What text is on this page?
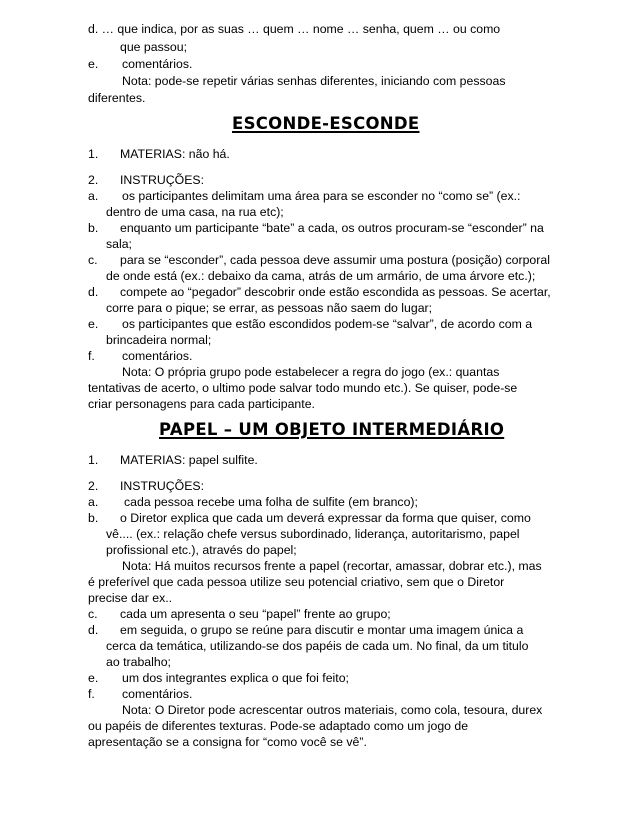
d. … que indica, por as suas … quem … nome … senha, quem … ou como
que passou;
e. comentários.
Nota: pode-se repetir várias senhas diferentes, iniciando com pessoas
diferentes.
ESCONDE-ESCONDE
1. MATERIAS: não há.
2. INSTRUÇÕES:
a. os participantes delimitam uma área para se esconder no “como se” (ex.:
dentro de uma casa, na rua etc);
b. enquanto um participante “bate” a cada, os outros procuram-se “esconder” na
sala;
c. para se “esconder”, cada pessoa deve assumir uma postura (posição) corporal
de onde está (ex.: debaixo da cama, atrás de um armário, de uma árvore etc.);
d. compete ao “pegador” descobrir onde estão escondida as pessoas. Se acertar,
corre para o pique; se errar, as pessoas não saem do lugar;
e. os participantes que estão escondidos podem-se “salvar”, de acordo com a
brincadeira normal;
f. comentários.
Nota: O própria grupo pode estabelecer a regra do jogo (ex.: quantas
tentativas de acerto, o ultimo pode salvar todo mundo etc.). Se quiser, pode-se
criar personagens para cada participante.
PAPEL – UM OBJETO INTERMEDIÁRIO
1. MATERIAS: papel sulfite.
2. INSTRUÇÕES:
a. cada pessoa recebe uma folha de sulfite (em branco);
b. o Diretor explica que cada um deverá expressar da forma que quiser, como
vê.... (ex.: relação chefe versus subordinado, liderança, autoritarismo, papel
profissional etc.), através do papel;
Nota: Há muitos recursos frente a papel (recortar, amassar, dobrar etc.), mas
é preferível que cada pessoa utilize seu potencial criativo, sem que o Diretor
precise dar ex..
c. cada um apresenta o seu “papel” frente ao grupo;
d. em seguida, o grupo se reúne para discutir e montar uma imagem única a
cerca da temática, utilizando-se dos papéis de cada um. No final, da um titulo
ao trabalho;
e. um dos integrantes explica o que foi feito;
f. comentários.
Nota: O Diretor pode acrescentar outros materiais, como cola, tesoura, durex
ou papéis de diferentes texturas. Pode-se adaptado como um jogo de
apresentação se a consigna for “como você se vê”.
